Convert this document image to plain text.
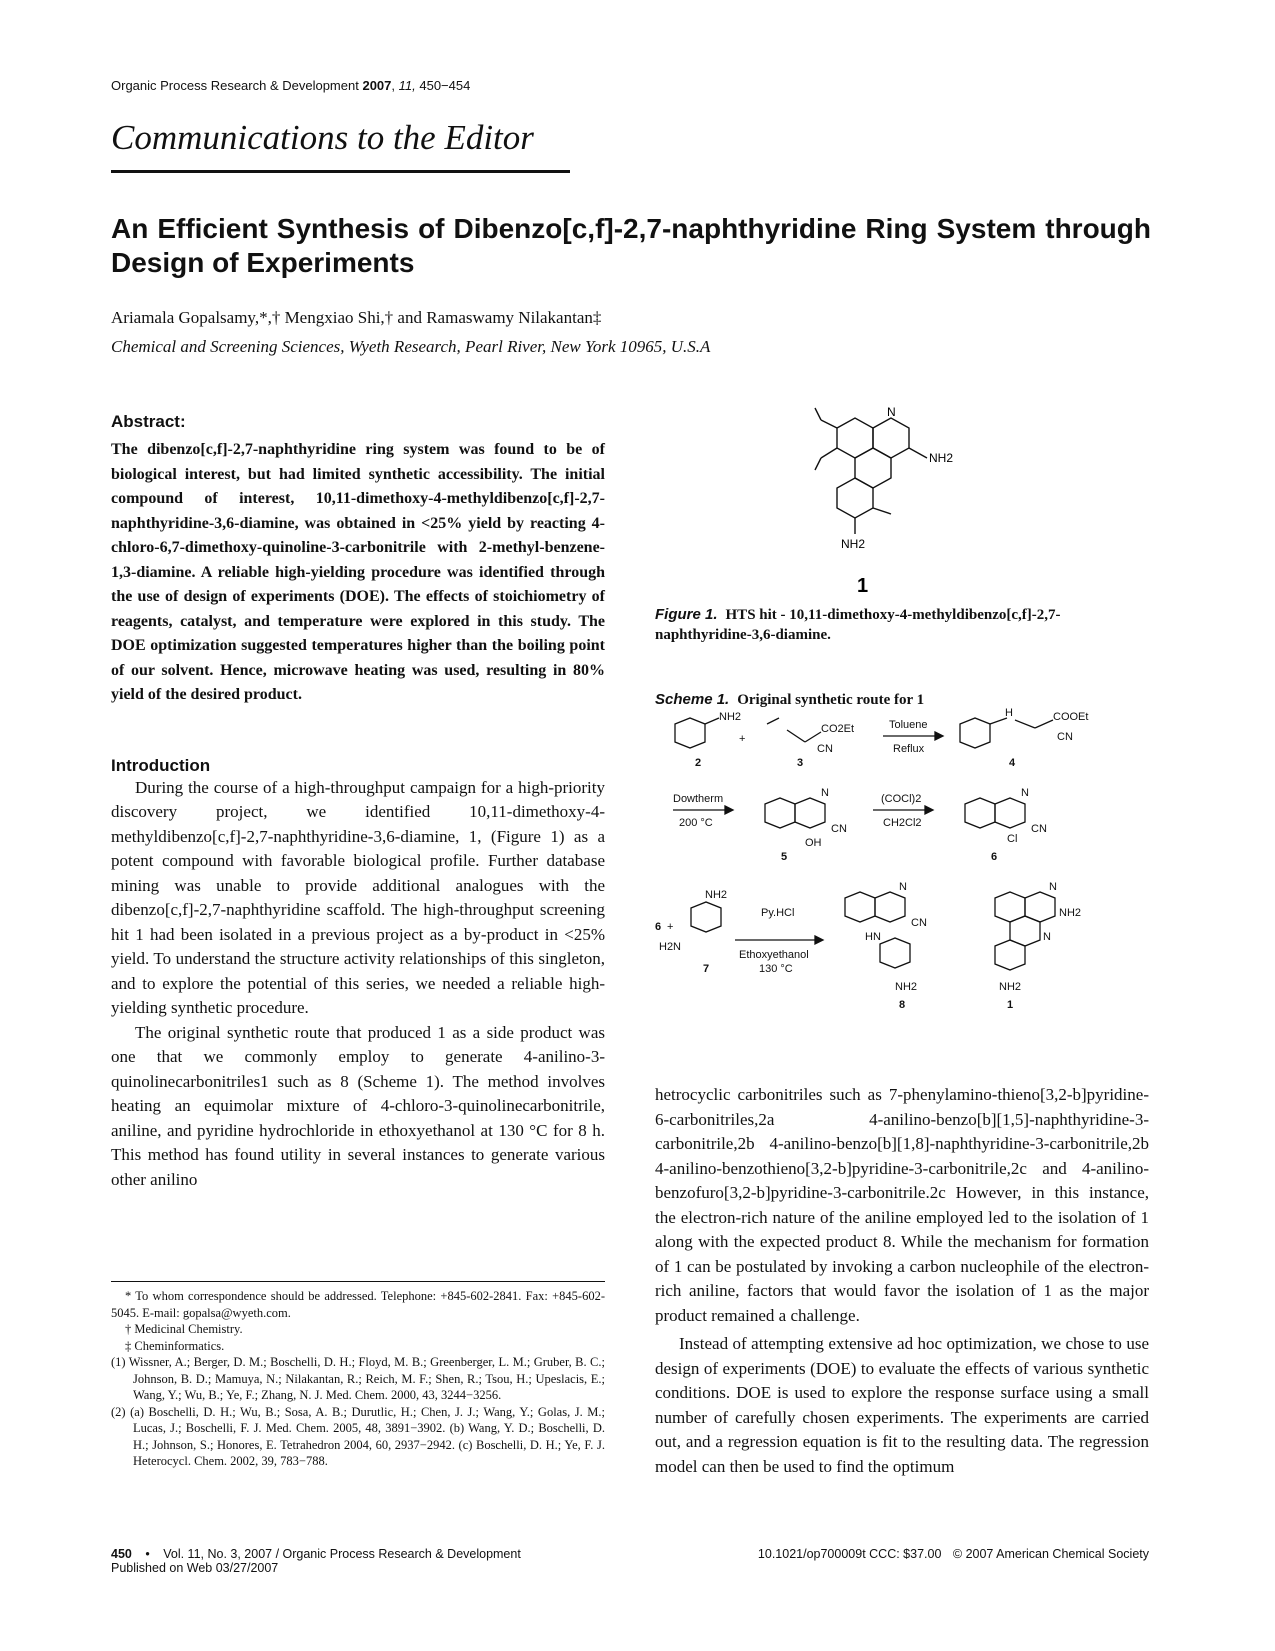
Organic Process Research & Development 2007, 11, 450−454
Communications to the Editor
An Efficient Synthesis of Dibenzo[c,f]-2,7-naphthyridine Ring System through Design of Experiments
Ariamala Gopalsamy,*,† Mengxiao Shi,† and Ramaswamy Nilakantan‡
Chemical and Screening Sciences, Wyeth Research, Pearl River, New York 10965, U.S.A

Abstract:

The dibenzo[c,f]-2,7-naphthyridine ring system was found to be of biological interest, but had limited synthetic accessibility. The initial compound of interest, 10,11-dimethoxy-4-methyldibenzo[c,f]-2,7-naphthyridine-3,6-diamine, was obtained in <25% yield by reacting 4-chloro-6,7-dimethoxy-quinoline-3-carbonitrile with 2-methyl-benzene-1,3-diamine. A reliable high-yielding procedure was identified through the use of design of experiments (DOE). The effects of stoichiometry of reagents, catalyst, and temperature were explored in this study. The DOE optimization suggested temperatures higher than the boiling point of our solvent. Hence, microwave heating was used, resulting in 80% yield of the desired product.

Introduction

During the course of a high-throughput campaign for a high-priority discovery project, we identified 10,11-dimethoxy-4-methyldibenzo[c,f]-2,7-naphthyridine-3,6-diamine, 1, (Figure 1) as a potent compound with favorable biological profile. Further database mining was unable to provide additional analogues with the dibenzo[c,f]-2,7-naphthyridine scaffold. The high-throughput screening hit 1 had been isolated in a previous project as a by-product in <25% yield. To understand the structure activity relationships of this singleton, and to explore the potential of this series, we needed a reliable high-yielding synthetic procedure.

The original synthetic route that produced 1 as a side product was one that we commonly employ to generate 4-anilino-3-quinolinecarbonitriles1 such as 8 (Scheme 1). The method involves heating an equimolar mixture of 4-chloro-3-quinolinecarbonitrile, aniline, and pyridine hydrochloride in ethoxyethanol at 130 °C for 8 h. This method has found utility in several instances to generate various other anilino

* To whom correspondence should be addressed. Telephone: +845-602-2841. Fax: +845-602-5045. E-mail: gopalsa@wyeth.com.

† Medicinal Chemistry.

‡ Cheminformatics.

(1) Wissner, A.; Berger, D. M.; Boschelli, D. H.; Floyd, M. B.; Greenberger, L. M.; Gruber, B. C.; Johnson, B. D.; Mamuya, N.; Nilakantan, R.; Reich, M. F.; Shen, R.; Tsou, H.; Upeslacis, E.; Wang, Y.; Wu, B.; Ye, F.; Zhang, N. J. Med. Chem. 2000, 43, 3244−3256.

(2) (a) Boschelli, D. H.; Wu, B.; Sosa, A. B.; Durutlic, H.; Chen, J. J.; Wang, Y.; Golas, J. M.; Lucas, J.; Boschelli, F. J. Med. Chem. 2005, 48, 3891−3902. (b) Wang, Y. D.; Boschelli, D. H.; Johnson, S.; Honores, E. Tetrahedron 2004, 60, 2937−2942. (c) Boschelli, D. H.; Ye, F. J. Heterocycl. Chem. 2002, 39, 783−788.

N
NH2
NH2
1
Figure 1. HTS hit - 10,11-dimethoxy-4-methyldibenzo[c,f]-2,7-naphthyridine-3,6-diamine.
Scheme 1. Original synthetic route for 1
NH2
+
CO2Et
CN
Toluene
Reflux
H	COOEt
CN
2	3	4
Dowtherm
200 °C
N
CN
OH
5
(COCl)2
CH2Cl2
N
CN
Cl
6
6 +
NH2
H2N
7
Py.HCl
Ethoxyethanol
130 °C
N
CN
HN
NH2
8
N
NH2
N
NH2
1

hetrocyclic carbonitriles such as 7-phenylamino-thieno[3,2-b]pyridine-6-carbonitriles,2a 4-anilino-benzo[b][1,5]-naphthyridine-3-carbonitrile,2b 4-anilino-benzo[b][1,8]-naphthyridine-3-carbonitrile,2b 4-anilino-benzothieno[3,2-b]pyridine-3-carbonitrile,2c and 4-anilino-benzofuro[3,2-b]pyridine-3-carbonitrile.2c However, in this instance, the electron-rich nature of the aniline employed led to the isolation of 1 along with the expected product 8. While the mechanism for formation of 1 can be postulated by invoking a carbon nucleophile of the electron-rich aniline, factors that would favor the isolation of 1 as the major product remained a challenge.

Instead of attempting extensive ad hoc optimization, we chose to use design of experiments (DOE) to evaluate the effects of various synthetic conditions. DOE is used to explore the response surface using a small number of carefully chosen experiments. The experiments are carried out, and a regression equation is fit to the resulting data. The regression model can then be used to find the optimum

450 • Vol. 11, No. 3, 2007 / Organic Process Research & Development
Published on Web 03/27/2007
10.1021/op700009t CCC: $37.00 © 2007 American Chemical Society
